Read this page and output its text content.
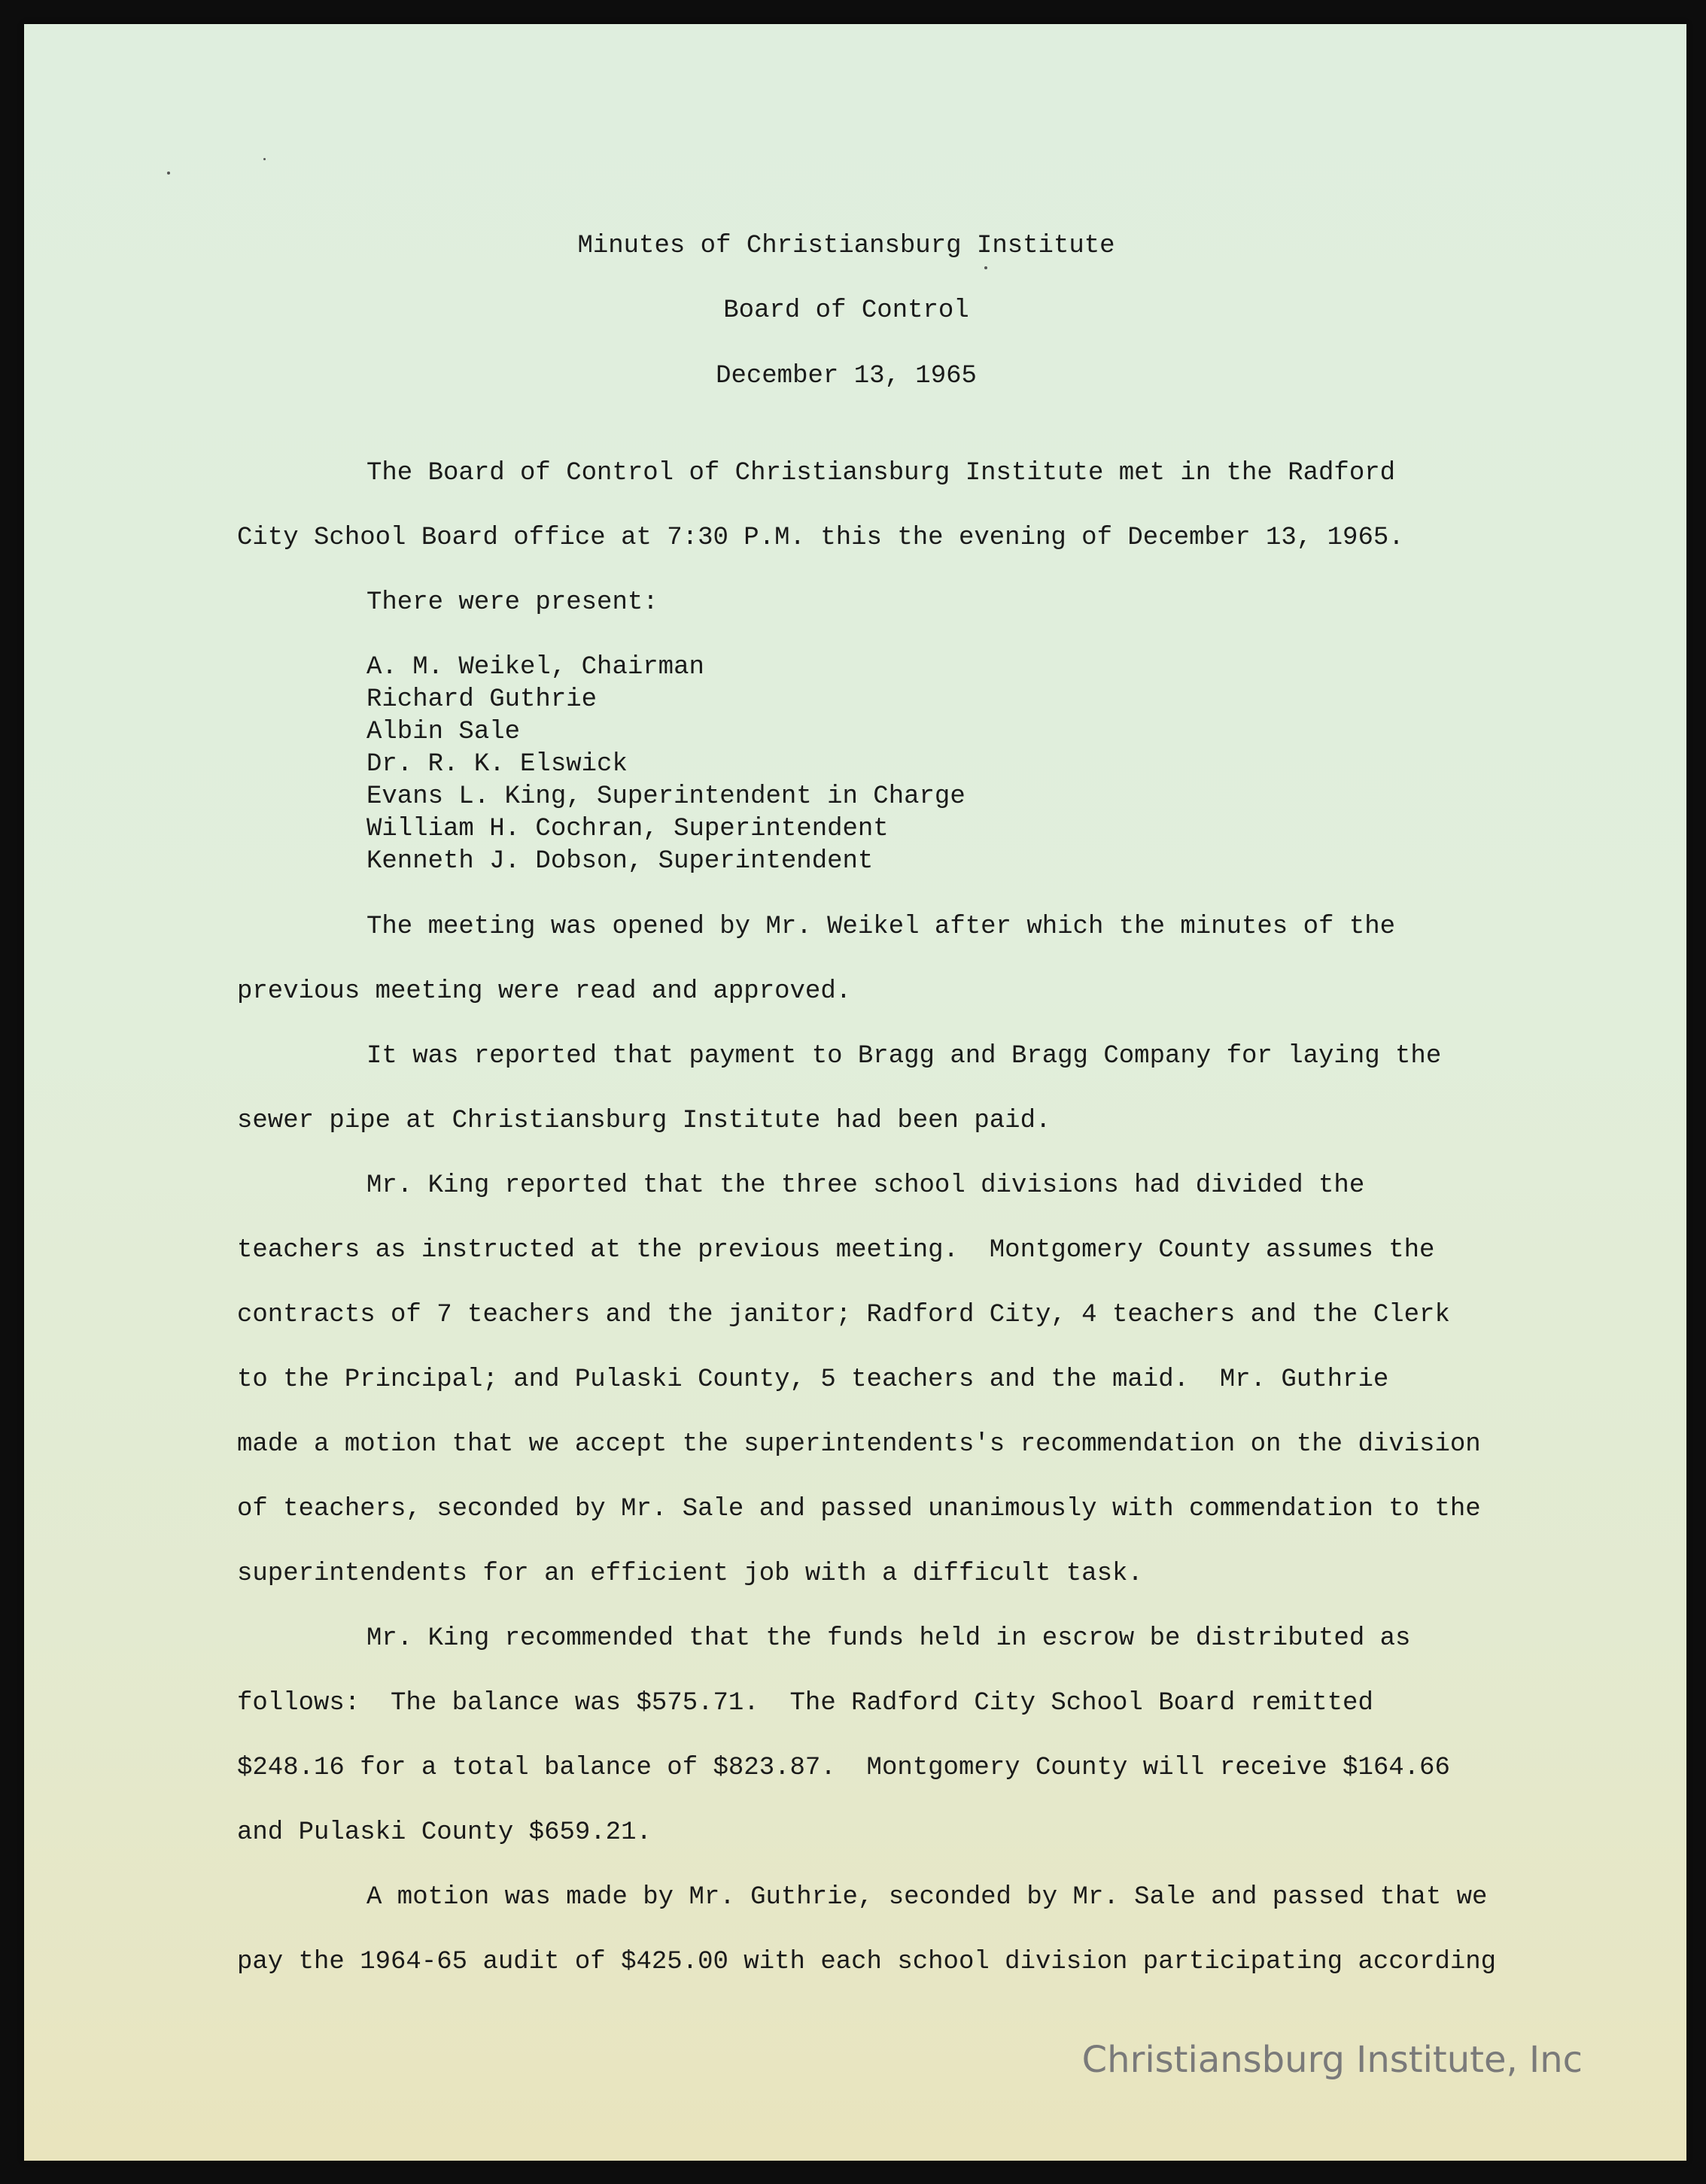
Minutes of Christiansburg Institute
Board of Control
December 13, 1965
The Board of Control of Christiansburg Institute met in the Radford
City School Board office at 7:30 P.M. this the evening of December 13, 1965.
There were present:
A. M. Weikel, Chairman
Richard Guthrie
Albin Sale
Dr. R. K. Elswick
Evans L. King, Superintendent in Charge
William H. Cochran, Superintendent
Kenneth J. Dobson, Superintendent
The meeting was opened by Mr. Weikel after which the minutes of the
previous meeting were read and approved.
It was reported that payment to Bragg and Bragg Company for laying the
sewer pipe at Christiansburg Institute had been paid.
Mr. King reported that the three school divisions had divided the
teachers as instructed at the previous meeting.  Montgomery County assumes the
contracts of 7 teachers and the janitor; Radford City, 4 teachers and the Clerk
to the Principal; and Pulaski County, 5 teachers and the maid.  Mr. Guthrie
made a motion that we accept the superintendents's recommendation on the division
of teachers, seconded by Mr. Sale and passed unanimously with commendation to the
superintendents for an efficient job with a difficult task.
Mr. King recommended that the funds held in escrow be distributed as
follows:  The balance was $575.71.  The Radford City School Board remitted
$248.16 for a total balance of $823.87.  Montgomery County will receive $164.66
and Pulaski County $659.21.
A motion was made by Mr. Guthrie, seconded by Mr. Sale and passed that we
pay the 1964-65 audit of $425.00 with each school division participating according
Christiansburg Institute, Inc
